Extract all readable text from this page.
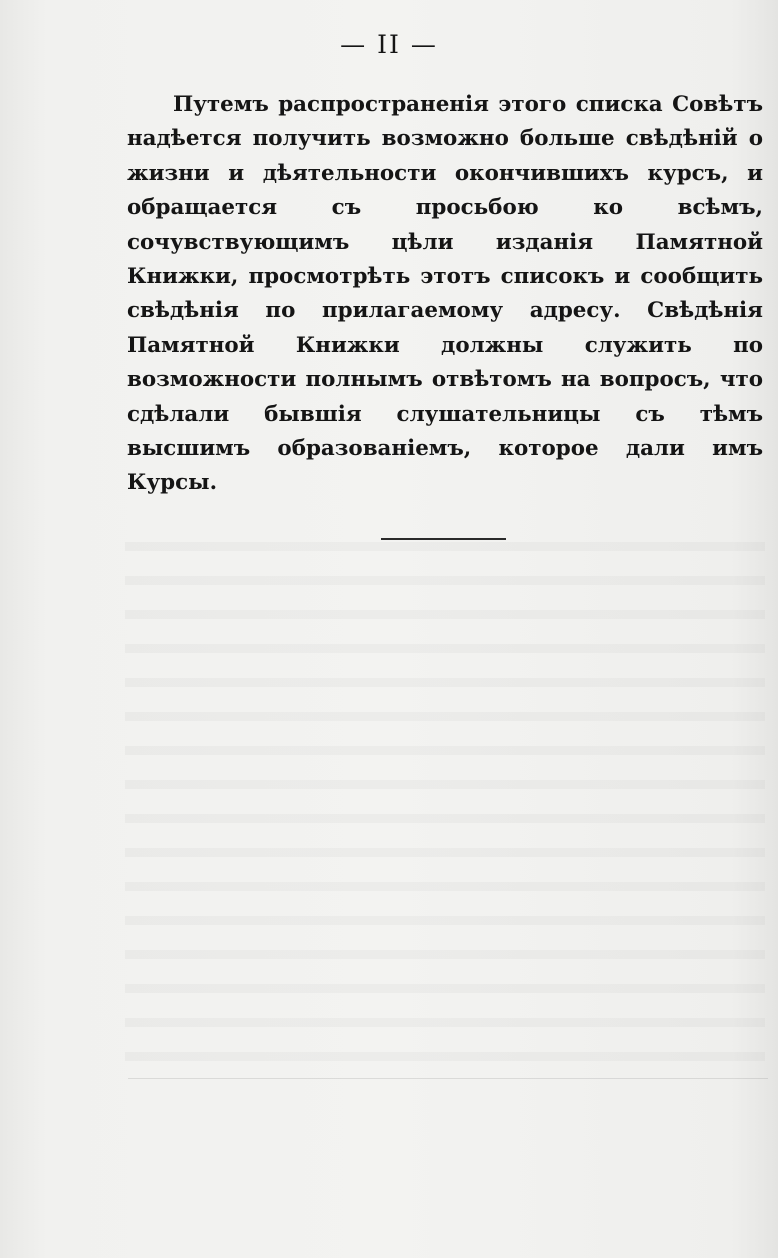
— II —

Путемъ распространенія этого списка Совѣтъ надѣется получить возможно больше свѣдѣній о жизни и дѣятельности окончившихъ курсъ, и обращается съ просьбою ко всѣмъ, сочувствующимъ цѣли изданія Памятной Книжки, просмотрѣть этотъ списокъ и сообщить свѣдѣнія по прилагаемому адресу. Свѣдѣнія Памятной Книжки должны служить по возможности полнымъ отвѣтомъ на вопросъ, что сдѣлали бывшія слушательницы съ тѣмъ высшимъ образованіемъ, которое дали имъ Курсы.
